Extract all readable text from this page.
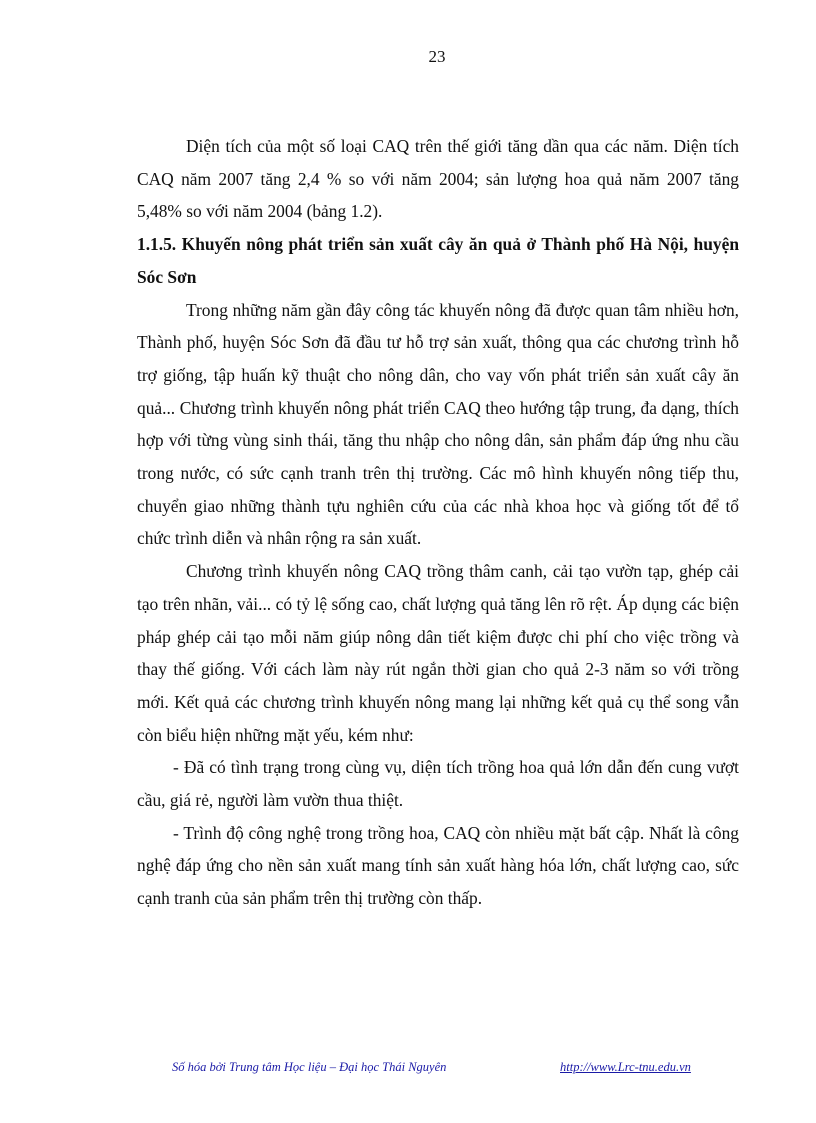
23

Diện tích của một số loại CAQ trên thế giới tăng dần qua các năm. Diện tích CAQ năm 2007 tăng 2,4 % so với năm 2004; sản lượng hoa quả năm 2007 tăng 5,48% so với năm 2004 (bảng 1.2).

1.1.5. Khuyến nông phát triển sản xuất cây ăn quả ở Thành phố Hà Nội, huyện Sóc Sơn

Trong những năm gần đây công tác khuyến nông đã được quan tâm nhiều hơn, Thành phố, huyện Sóc Sơn đã đầu tư hỗ trợ sản xuất, thông qua các chương trình hỗ trợ giống, tập huấn kỹ thuật cho nông dân, cho vay vốn phát triển sản xuất cây ăn quả... Chương trình khuyến nông phát triển CAQ theo hướng tập trung, đa dạng, thích hợp với từng vùng sinh thái, tăng thu nhập cho nông dân, sản phẩm đáp ứng nhu cầu trong nước, có sức cạnh tranh trên thị trường. Các mô hình khuyến nông tiếp thu, chuyển giao những thành tựu nghiên cứu của các nhà khoa học và giống tốt để tổ chức trình diễn và nhân rộng ra sản xuất.

Chương trình khuyến nông CAQ trồng thâm canh, cải tạo vườn tạp, ghép cải tạo trên nhãn, vải... có tỷ lệ sống cao, chất lượng quả tăng lên rõ rệt. Áp dụng các biện pháp ghép cải tạo mỗi năm giúp nông dân tiết kiệm được chi phí cho việc trồng và thay thế giống. Với cách làm này rút ngắn thời gian cho quả 2-3 năm so với trồng mới. Kết quả các chương trình khuyến nông mang lại những kết quả cụ thể song vẫn còn biểu hiện những mặt yếu, kém như:

- Đã có tình trạng trong cùng vụ, diện tích trồng hoa quả lớn dẫn đến cung vượt cầu, giá rẻ, người làm vườn thua thiệt.

- Trình độ công nghệ trong trồng hoa, CAQ còn nhiều mặt bất cập. Nhất là công nghệ đáp ứng cho nền sản xuất mang tính sản xuất hàng hóa lớn, chất lượng cao, sức cạnh tranh của sản phẩm trên thị trường còn thấp.

Số hóa bởi Trung tâm Học liệu – Đại học Thái Nguyên	http://www.Lrc-tnu.edu.vn
